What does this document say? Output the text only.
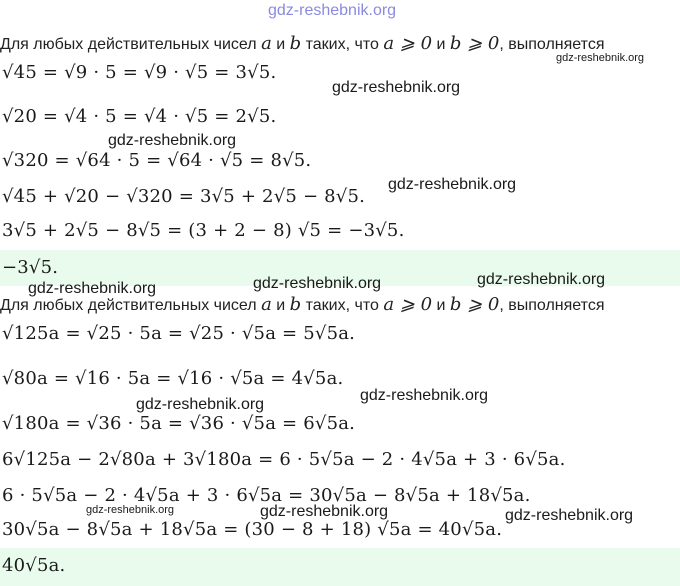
gdz-reshebnik.org
Для любых действительных чисел a и b таких, что a ⩾ 0 и b ⩾ 0, выполняется
√45 = √9 · 5 = √9 · √5 = 3√5.
√20 = √4 · 5 = √4 · √5 = 2√5.
√320 = √64 · 5 = √64 · √5 = 8√5.
√45 + √20 − √320 = 3√5 + 2√5 − 8√5.
3√5 + 2√5 − 8√5 = (3 + 2 − 8) √5 = −3√5.
−3√5.
Для любых действительных чисел a и b таких, что a ⩾ 0 и b ⩾ 0, выполняется
√125a = √25 · 5a = √25 · √5a = 5√5a.
√80a = √16 · 5a = √16 · √5a = 4√5a.
√180a = √36 · 5a = √36 · √5a = 6√5a.
6√125a − 2√80a + 3√180a = 6 · 5√5a − 2 · 4√5a + 3 · 6√5a.
6 · 5√5a − 2 · 4√5a + 3 · 6√5a = 30√5a − 8√5a + 18√5a.
30√5a − 8√5a + 18√5a = (30 − 8 + 18) √5a = 40√5a.
40√5a.
gdz-reshebnik.org
gdz-reshebnik.org
gdz-reshebnik.org
gdz-reshebnik.org
gdz-reshebnik.org	gdz-reshebnik.org	gdz-reshebnik.org
gdz-reshebnik.org
gdz-reshebnik.org
gdz-reshebnik.org	gdz-reshebnik.org	gdz-reshebnik.org
